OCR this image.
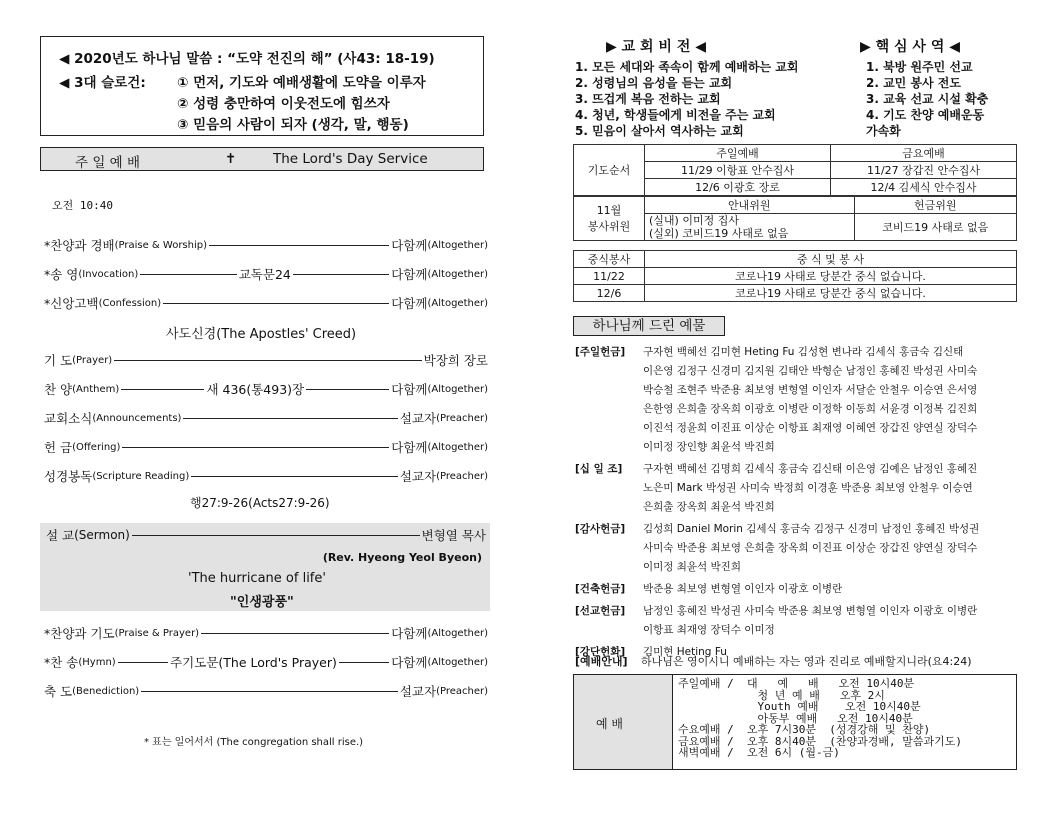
◀ 2020년도 하나님 말씀 : “도약 전진의 해” (사43: 18-19)
◀ 3대 슬로건: ① 먼저, 기도와 예배생활에 도약을 이루자
② 성령 충만하여 이웃전도에 힘쓰자
③ 믿음의 사람이 되자 (생각, 말, 행동)
주 일 예 배	✝	The Lord's Day Service
오전 10:40
*찬양과 경배 (Praise & Worship)	다함께 (Altogether)
*송 영 (Invocation)	교독문24	다함께 (Altogether)
*신앙고백 (Confession)	다함께 (Altogether)
기 도 (Prayer)	박장희 장로
찬 양 (Anthem)	새 436(통493)장	다함께 (Altogether)
교회소식 (Announcements)	설교자 (Preacher)
헌 금 (Offering)	다함께 (Altogether)
성경봉독 (Scripture Reading)	설교자 (Preacher)
*찬양과 기도 (Praise & Prayer)	다함께 (Altogether)
*찬 송 (Hymn)	주기도문(The Lord's Prayer)	다함께 (Altogether)
축 도 (Benediction)	설교자 (Preacher)
사도신경(The Apostles' Creed)
행27:9-26(Acts27:9-26)
설 교 (Sermon)	변형열 목사
(Rev. Hyeong Yeol Byeon)
'The hurricane of life'
"인생광풍"
* 표는 일어서서 (The congregation shall rise.)
▶ 교 회 비 전 ◀	▶ 핵 심 사 역 ◀
1. 모든 세대와 족속이 함께 예배하는 교회
2. 성령님의 음성을 듣는 교회
3. 뜨겁게 복음 전하는 교회
4. 청년, 학생들에게 비전을 주는 교회
5. 믿음이 살아서 역사하는 교회
1. 북방 원주민 선교
2. 교민 봉사 전도
3. 교육 선교 시설 확충
4. 기도 찬양 예배운동
가속화
기도순서	주일예배	금요예배
	11/29 이항표 안수집사	11/27 장갑진 안수집사
	12/6 이광호 장로	12/4 김세식 안수집사
11월
봉사위원	안내위원	헌금위원
	(실내) 이미정 집사
(실외) 코비드19 사태로 없음	코비드19 사태로 없음
중식봉사	중 식 및 봉 사
11/22	코로나19 사태로 당분간 중식 없습니다.
12/6	코로나19 사태로 당분간 중식 없습니다.
하나님께 드린 예물
[주일헌금] 구자현 백혜선 김미현 Heting Fu 김성현 변나라 김세식 홍금숙 김신태
이은영 김정구 신경미 김지원 김태안 박형순 남정인 홍혜진 박성권 사미숙
박승철 조현주 박준용 최보영 변형열 이인자 서달순 안철우 이승연 은서영
은한영 은희출 장옥희 이광호 이병란 이정학 이동희 서윤경 이정복 김진희
이진석 정윤희 이진표 이상순 이항표 최재영 이혜연 장갑진 양연실 장덕수
이미정 장인향 최윤석 박진희
[십 일 조] 구자현 백혜선 김명희 김세식 홍금숙 김신태 이은영 김예은 남정인 홍혜진
노은미 Mark 박성권 사미숙 박정희 이경훈 박준용 최보영 안철우 이승연
은희출 장옥희 최윤석 박진희
[감사헌금] 김성희 Daniel Morin 김세식 홍금숙 김정구 신경미 남정인 홍혜진 박성권
사미숙 박준용 최보영 은희출 장옥희 이진표 이상순 장갑진 양연실 장덕수
이미정 최윤석 박진희
[건축헌금] 박준용 최보영 변형열 이인자 이광호 이병란
[선교헌금] 남정인 홍혜진 박성권 사미숙 박준용 최보영 변형열 이인자 이광호 이병란
이항표 최재영 장덕수 이미정
[강단헌화] 김미현 Heting Fu
[예배안내] 하나님은 영이시니 예배하는 자는 영과 진리로 예배할지니라(요4:24)
예 배
주일예배 /  대   예   배   오전 10시40분
청 년 예 배   오후 2시
Youth 예배    오전 10시40분
아동부 예배   오전 10시40분
수요예배 /  오후 7시30분  (성경강해 및 찬양)
금요예배 /  오후 8시40분  (찬양과경배, 말씀과기도)
새벽예배 /  오전 6시 (월-금)
